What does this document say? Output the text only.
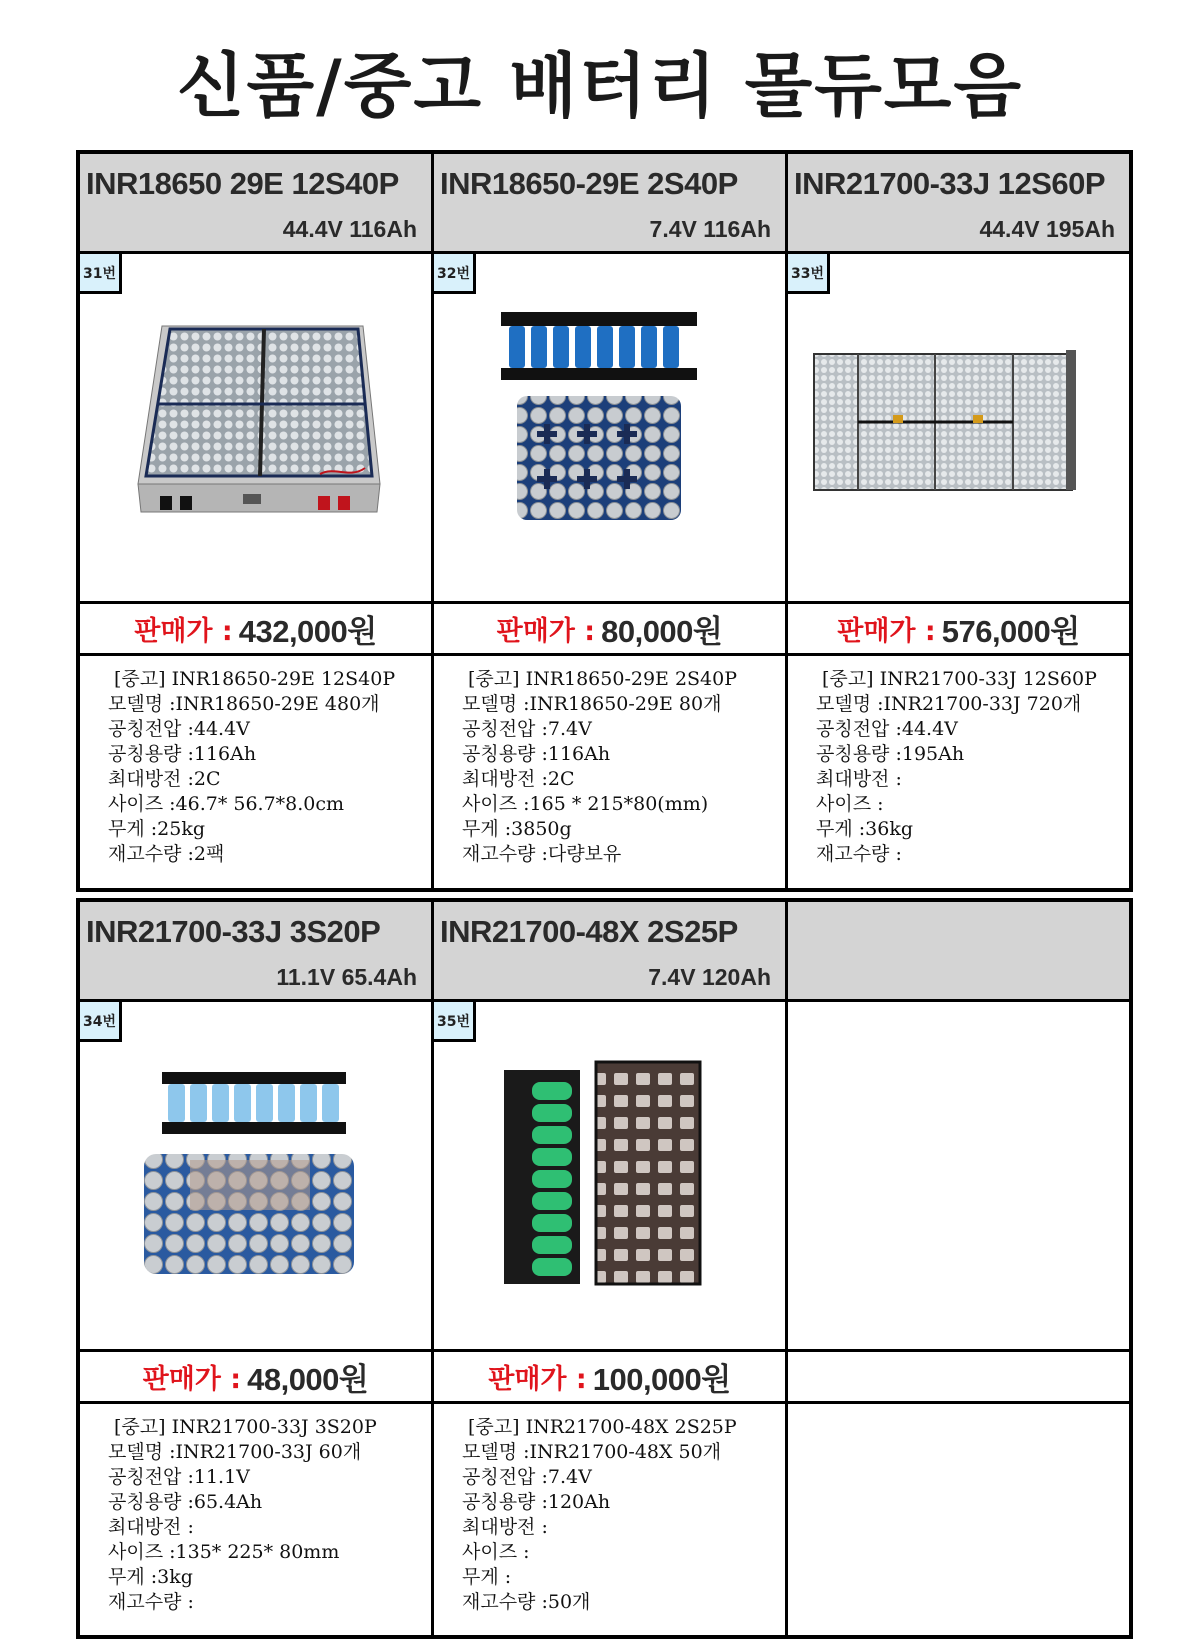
신품/중고 배터리 몰듀모음
INR18650 29E 12S40P
44.4V 116Ah
INR18650-29E 2S40P
7.4V 116Ah
INR21700-33J 12S60P
44.4V 195Ah
31번	32번	33번
판매가 : 432,000원	판매가 : 80,000원	판매가 : 576,000원
[중고] INR18650-29E 12S40P
모델명 : INR18650-29E 480개
공칭전압 : 44.4V
공칭용량 : 116Ah
최대방전 : 2C
사이즈 : 46.7* 56.7*8.0cm
무게 : 25kg
재고수량 : 2팩
[중고] INR18650-29E 2S40P
모델명 : INR18650-29E 80개
공칭전압 : 7.4V
공칭용량 : 116Ah
최대방전 : 2C
사이즈 : 165 * 215*80(mm)
무게 : 3850g
재고수량 : 다량보유
[중고] INR21700-33J 12S60P
모델명 : INR21700-33J 720개
공칭전압 : 44.4V
공칭용량 : 195Ah
최대방전 :
사이즈 :
무게 : 36kg
재고수량 :
INR21700-33J 3S20P
11.1V 65.4Ah
INR21700-48X 2S25P
7.4V 120Ah
34번	35번
판매가 : 48,000원	판매가 : 100,000원
[중고] INR21700-33J 3S20P
모델명 : INR21700-33J 60개
공칭전압 : 11.1V
공칭용량 : 65.4Ah
최대방전 :
사이즈 : 135* 225* 80mm
무게 : 3kg
재고수량 :
[중고] INR21700-48X 2S25P
모델명 : INR21700-48X 50개
공칭전압 : 7.4V
공칭용량 : 120Ah
최대방전 :
사이즈 :
무게 :
재고수량 : 50개
